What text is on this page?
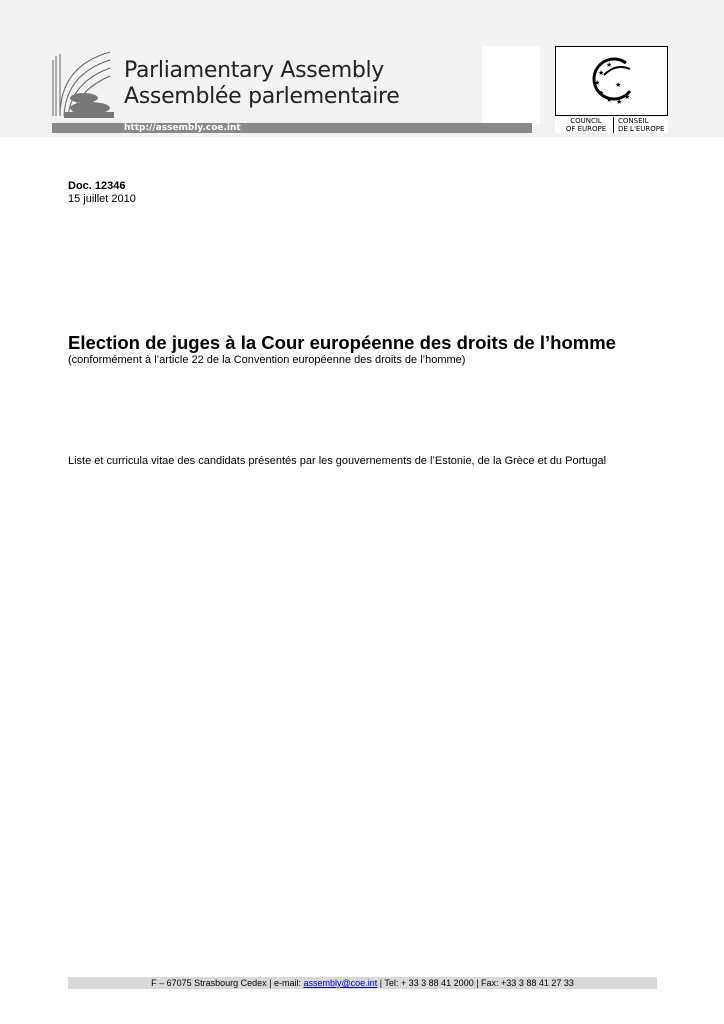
Parliamentary Assembly
Assemblée parlementaire
http://assembly.coe.int
★
★
★
★
★ ★
★
★
COUNCIL
OF EUROPE
CONSEIL
DE L'EUROPE
Doc. 12346
15 juillet 2010
Election de juges à la Cour européenne des droits de l’homme
(conformément à l’article 22 de la Convention européenne des droits de l’homme)
Liste et curricula vitae des candidats présentés par les gouvernements de l’Estonie, de la Grèce et du Portugal
F – 67075 Strasbourg Cedex | e-mail: assembly@coe.int | Tel: + 33 3 88 41 2000 | Fax: +33 3 88 41 27 33
